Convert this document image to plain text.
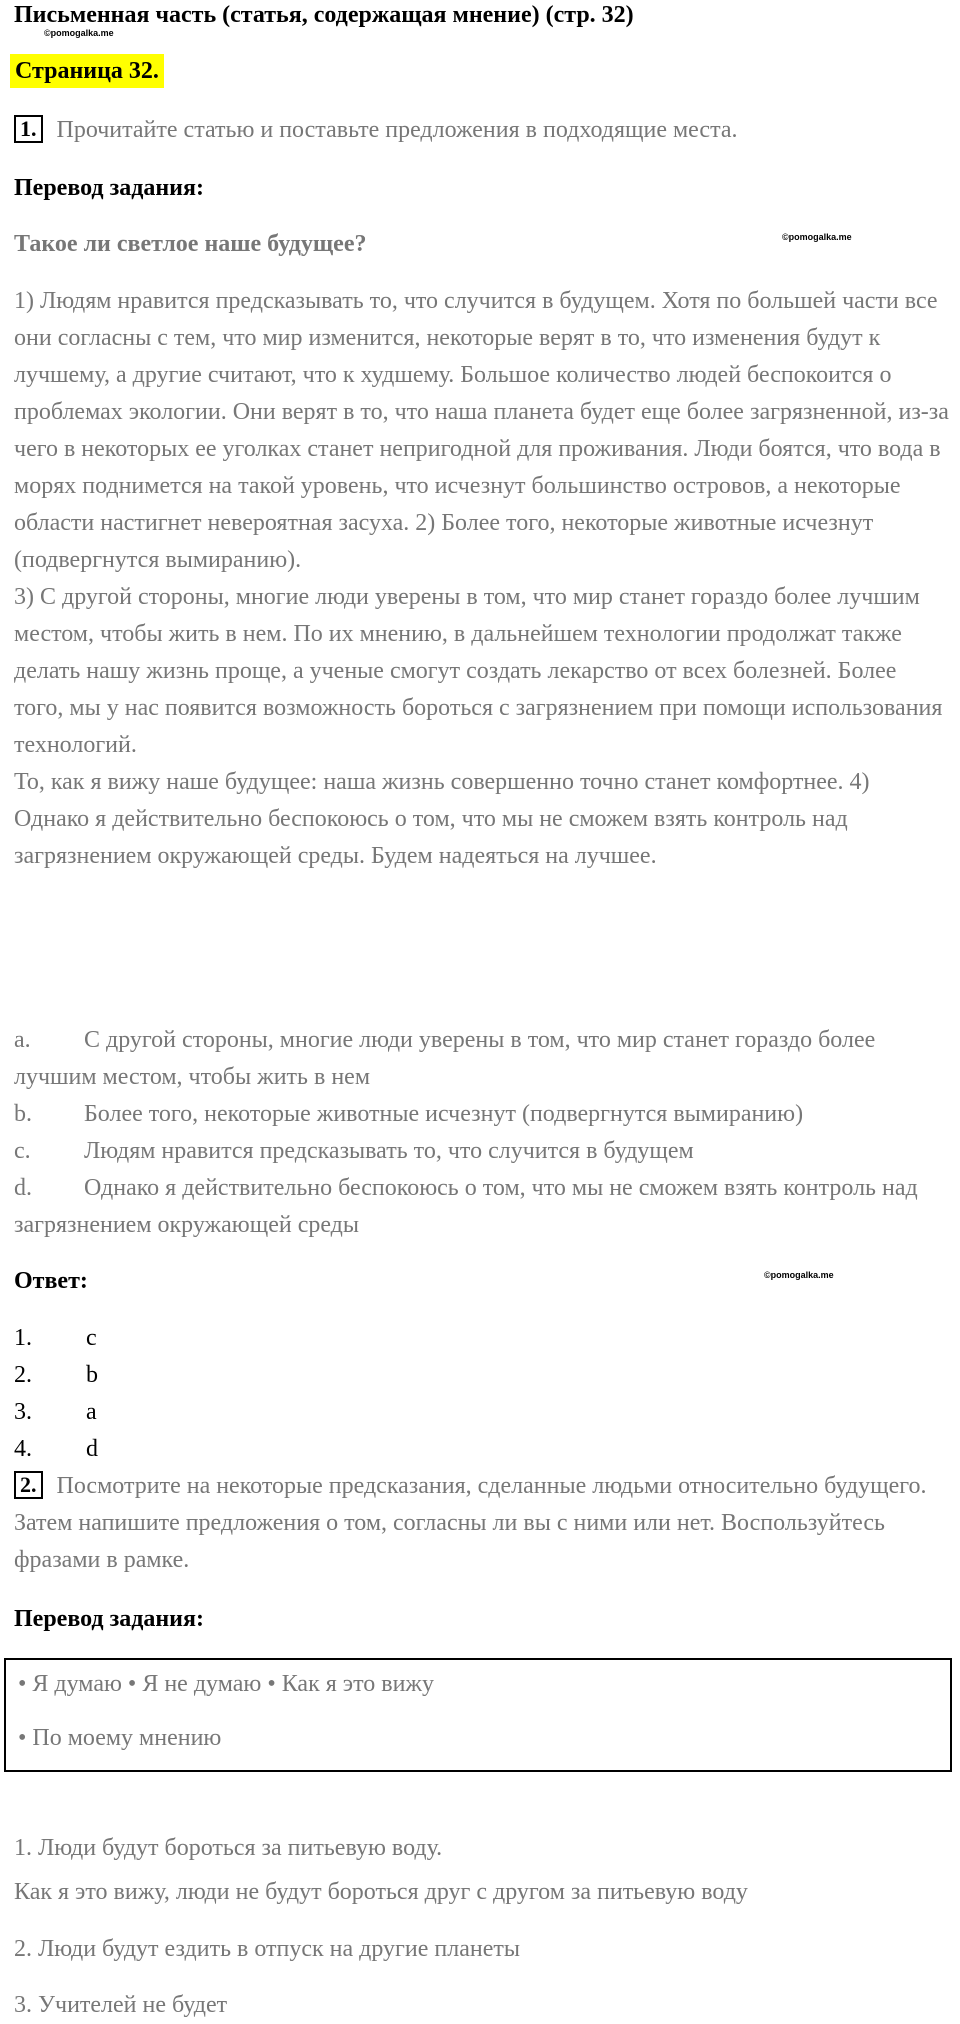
Письменная часть (статья, содержащая мнение) (стр. 32)
©pomogalka.me
Страница 32.
1. Прочитайте статью и поставьте предложения в подходящие места.
Перевод задания:
Такое ли светлое наше будущее?	©pomogalka.me

1) Людям нравится предсказывать то, что случится в будущем. Хотя по большей части все они согласны с тем, что мир изменится, некоторые верят в то, что изменения будут к лучшему, а другие считают, что к худшему. Большое количество людей беспокоится о проблемах экологии. Они верят в то, что наша планета будет еще более загрязненной, из-за чего в некоторых ее уголках станет непригодной для проживания. Люди боятся, что вода в морях поднимется на такой уровень, что исчезнут большинство островов, а некоторые области настигнет невероятная засуха. 2) Более того, некоторые животные исчезнут (подвергнутся вымиранию).

3) С другой стороны, многие люди уверены в том, что мир станет гораздо более лучшим местом, чтобы жить в нем. По их мнению, в дальнейшем технологии продолжат также делать нашу жизнь проще, а ученые смогут создать лекарство от всех болезней. Более того, мы у нас появится возможность бороться с загрязнением при помощи использования технологий.

То, как я вижу наше будущее: наша жизнь совершенно точно станет комфортнее. 4) Однако я действительно беспокоюсь о том, что мы не сможем взять контроль над загрязнением окружающей среды. Будем надеяться на лучшее.

a. С другой стороны, многие люди уверены в том, что мир станет гораздо более лучшим местом, чтобы жить в нем
b. Более того, некоторые животные исчезнут (подвергнутся вымиранию)
c. Людям нравится предсказывать то, что случится в будущем
d. Однако я действительно беспокоюсь о том, что мы не сможем взять контроль над загрязнением окружающей среды
Ответ:	©pomogalka.me
1. c
2. b
3. a
4. d
2. Посмотрите на некоторые предсказания, сделанные людьми относительно будущего. Затем напишите предложения о том, согласны ли вы с ними или нет. Воспользуйтесь фразами в рамке.
Перевод задания:
• Я думаю • Я не думаю • Как я это вижу
• По моему мнению
1. Люди будут бороться за питьевую воду.
Как я это вижу, люди не будут бороться друг с другом за питьевую воду
2. Люди будут ездить в отпуск на другие планеты
3. Учителей не будет
